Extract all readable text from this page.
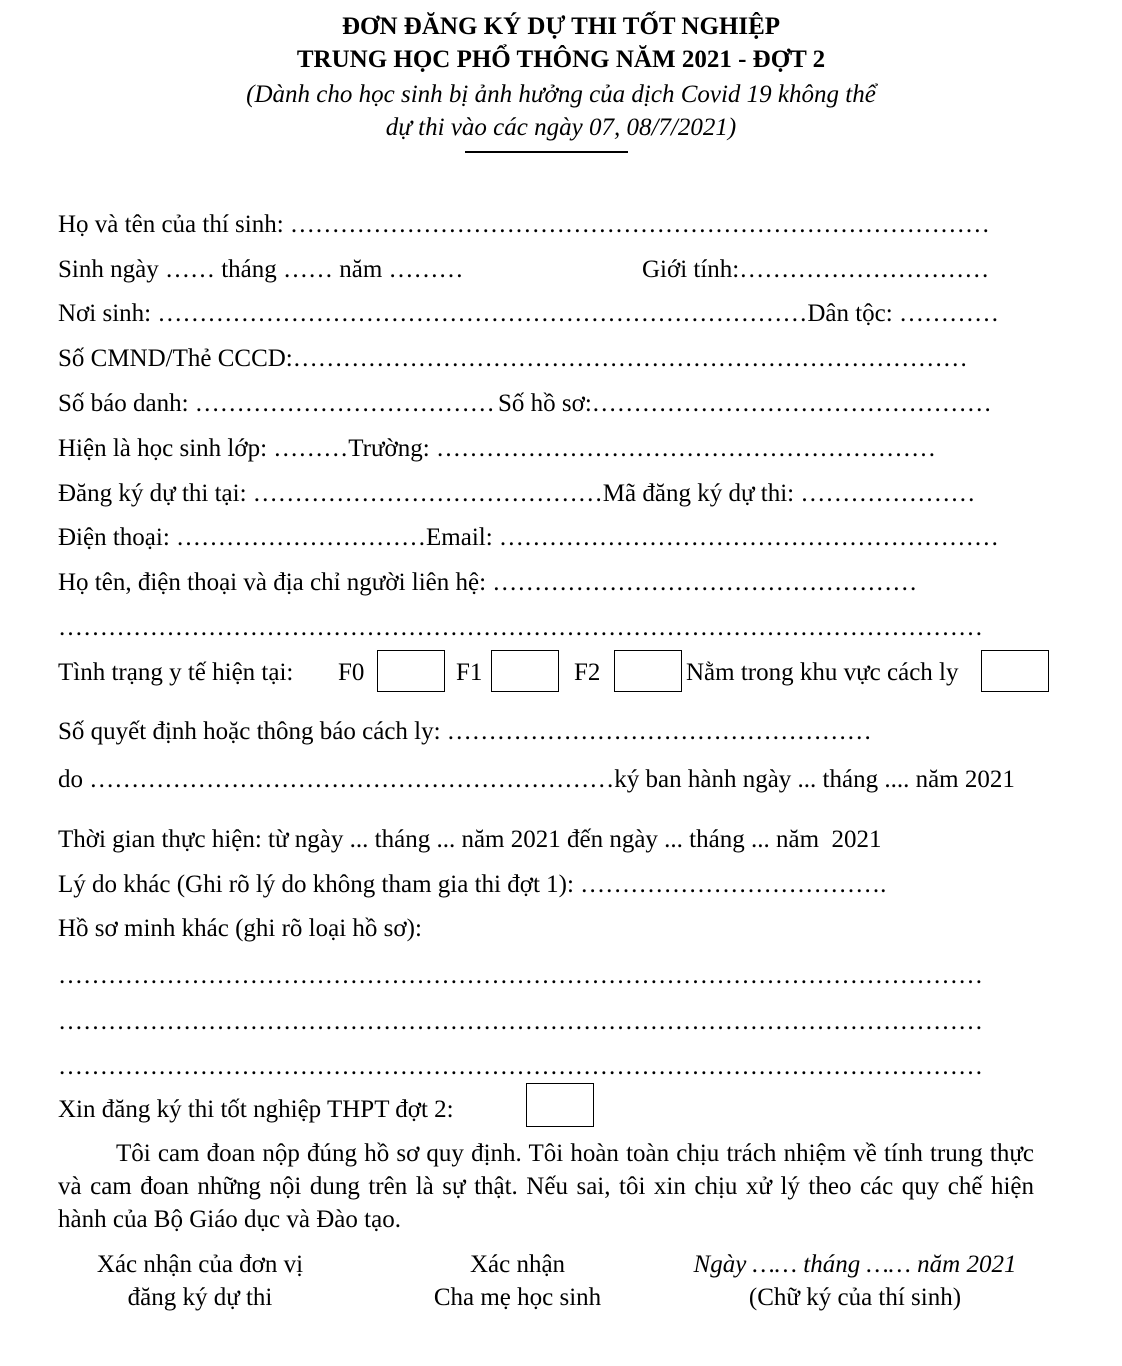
ĐƠN ĐĂNG KÝ DỰ THI TỐT NGHIỆP
TRUNG HỌC PHỔ THÔNG NĂM 2021 - ĐỢT 2
(Dành cho học sinh bị ảnh hưởng của dịch Covid 19 không thể
dự thi vào các ngày 07, 08/7/2021)
Họ và tên của thí sinh: …………………………………………………………………………
Sinh ngày …… tháng …… năm ………	Giới tính:…………………………
Nơi sinh: ……………………………………………………………………Dân tộc: …………
Số CMND/Thẻ CCCD:………………………………………………………………………
Số báo danh: ……………………………… Số hồ sơ:…………………………………………
Hiện là học sinh lớp: ………Trường: ……………………………………………………
Đăng ký dự thi tại: ……………………………………Mã đăng ký dự thi: …………………
Điện thoại: …………………………Email: ……………………………………………………
Họ tên, điện thoại và địa chỉ người liên hệ: ……………………………………………
…………………………………………………………………………………………………
Tình trạng y tế hiện tại: F0	F1	F2	Nằm trong khu vực cách ly
Số quyết định hoặc thông báo cách ly: ……………………………………………
do ………………………………………………………ký ban hành ngày ... tháng .... năm 2021
Thời gian thực hiện: từ ngày ... tháng ... năm 2021 đến ngày ... tháng ... năm  2021
Lý do khác (Ghi rõ lý do không tham gia thi đợt 1): ……………………………….
Hồ sơ minh khác (ghi rõ loại hồ sơ):
…………………………………………………………………………………………………
…………………………………………………………………………………………………
…………………………………………………………………………………………………
Xin đăng ký thi tốt nghiệp THPT đợt 2:
Tôi cam đoan nộp đúng hồ sơ quy định. Tôi hoàn toàn chịu trách nhiệm về tính trung thực và cam đoan những nội dung trên là sự thật. Nếu sai, tôi xin chịu xử lý theo các quy chế hiện hành của Bộ Giáo dục và Đào tạo.
Xác nhận của đơn vị
đăng ký dự thi
Xác nhận
Cha mẹ học sinh
Ngày …… tháng …… năm 2021
(Chữ ký của thí sinh)
